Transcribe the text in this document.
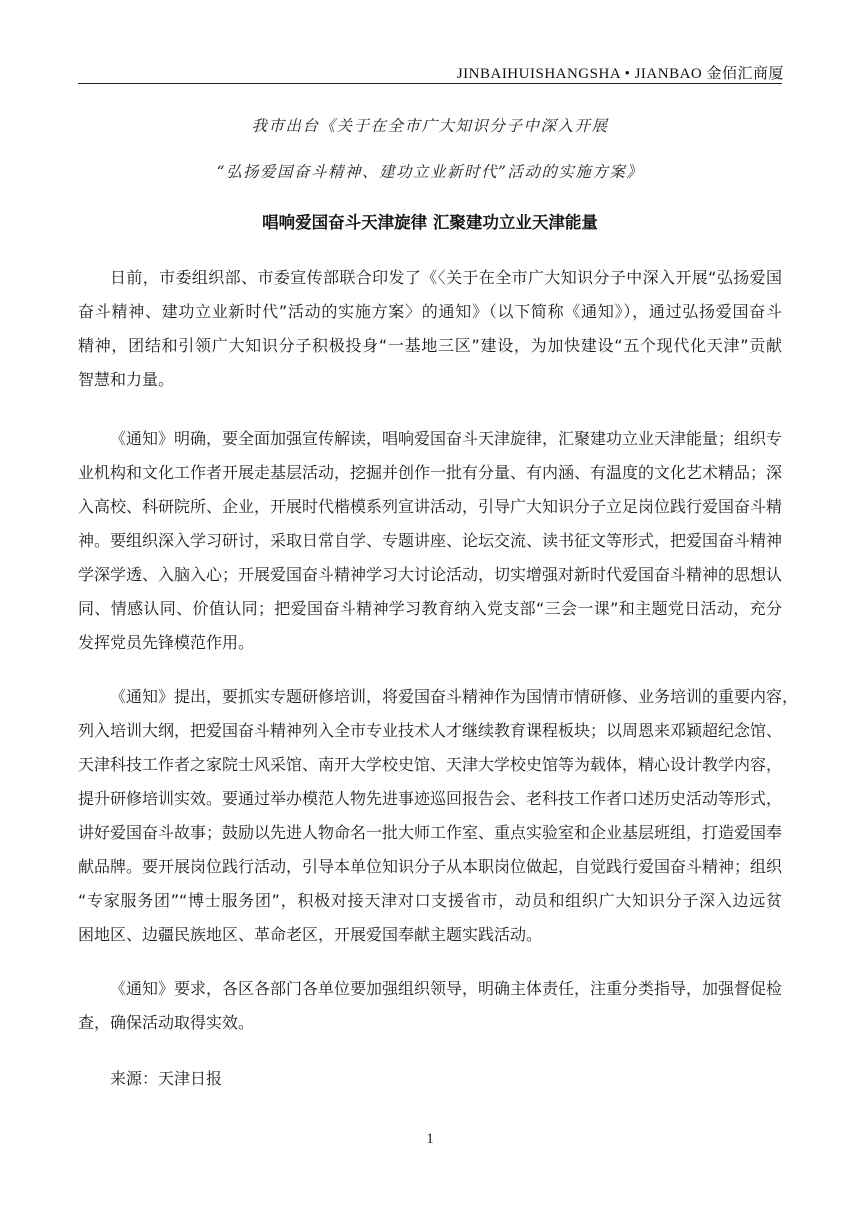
JINBAIHUISHANGSHA • JIANBAO 金佰汇商厦
我市出台《关于在全市广大知识分子中深入开展
“弘扬爱国奋斗精神、建功立业新时代”活动的实施方案》
唱响爱国奋斗天津旋律 汇聚建功立业天津能量
日前，市委组织部、市委宣传部联合印发了《〈关于在全市广大知识分子中深入开展“弘扬爱国
奋斗精神、建功立业新时代”活动的实施方案〉的通知》（以下简称《通知》），通过弘扬爱国奋斗
精神，团结和引领广大知识分子积极投身“一基地三区”建设，为加快建设“五个现代化天津”贡献
智慧和力量。
《通知》明确，要全面加强宣传解读，唱响爱国奋斗天津旋律，汇聚建功立业天津能量；组织专
业机构和文化工作者开展走基层活动，挖掘并创作一批有分量、有内涵、有温度的文化艺术精品；深
入高校、科研院所、企业，开展时代楷模系列宣讲活动，引导广大知识分子立足岗位践行爱国奋斗精
神。要组织深入学习研讨，采取日常自学、专题讲座、论坛交流、读书征文等形式，把爱国奋斗精神
学深学透、入脑入心；开展爱国奋斗精神学习大讨论活动，切实增强对新时代爱国奋斗精神的思想认
同、情感认同、价值认同；把爱国奋斗精神学习教育纳入党支部“三会一课”和主题党日活动，充分
发挥党员先锋模范作用。
《通知》提出，要抓实专题研修培训，将爱国奋斗精神作为国情市情研修、业务培训的重要内容，
列入培训大纲，把爱国奋斗精神列入全市专业技术人才继续教育课程板块；以周恩来邓颖超纪念馆、
天津科技工作者之家院士风采馆、南开大学校史馆、天津大学校史馆等为载体，精心设计教学内容，
提升研修培训实效。要通过举办模范人物先进事迹巡回报告会、老科技工作者口述历史活动等形式，
讲好爱国奋斗故事；鼓励以先进人物命名一批大师工作室、重点实验室和企业基层班组，打造爱国奉
献品牌。要开展岗位践行活动，引导本单位知识分子从本职岗位做起，自觉践行爱国奋斗精神；组织
“专家服务团”“博士服务团”，积极对接天津对口支援省市，动员和组织广大知识分子深入边远贫
困地区、边疆民族地区、革命老区，开展爱国奉献主题实践活动。
《通知》要求，各区各部门各单位要加强组织领导，明确主体责任，注重分类指导，加强督促检
查，确保活动取得实效。
来源：天津日报
1
